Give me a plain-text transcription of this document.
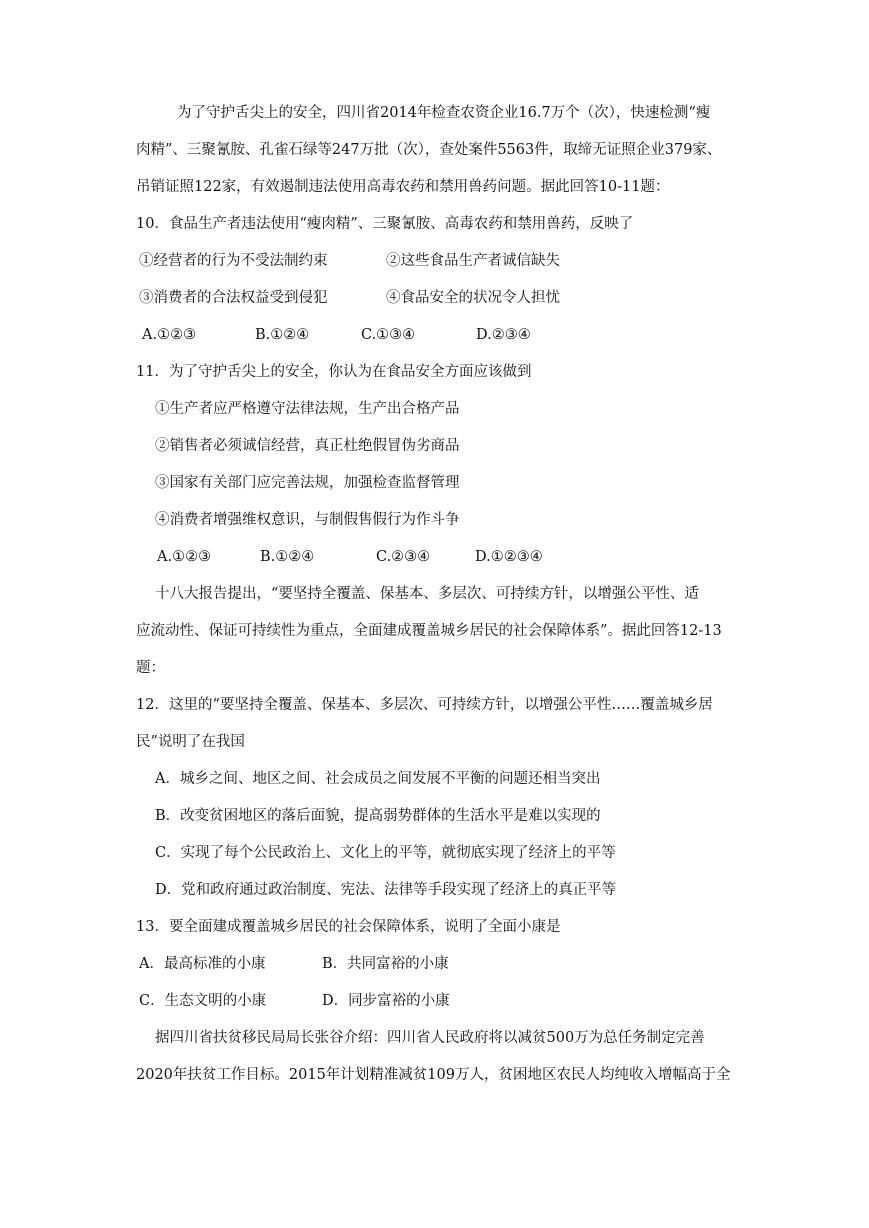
为了守护舌尖上的安全，四川省2014年检查农资企业16.7万个（次），快速检测“瘦
肉精”、三聚氰胺、孔雀石绿等247万批（次），查处案件5563件，取缔无证照企业379家、
吊销证照122家，有效遏制违法使用高毒农药和禁用兽药问题。据此回答10-11题：
10．食品生产者违法使用“瘦肉精”、三聚氰胺、高毒农药和禁用兽药，反映了
①经营者的行为不受法制约束	②这些食品生产者诚信缺失
③消费者的合法权益受到侵犯	④食品安全的状况令人担忧
A.①②③	B.①②④	C.①③④	D.②③④
11．为了守护舌尖上的安全，你认为在食品安全方面应该做到
①生产者应严格遵守法律法规，生产出合格产品
②销售者必须诚信经营，真正杜绝假冒伪劣商品
③国家有关部门应完善法规，加强检查监督管理
④消费者增强维权意识，与制假售假行为作斗争
A.①②③	B.①②④	C.②③④	D.①②③④
十八大报告提出，“要坚持全覆盖、保基本、多层次、可持续方针，以增强公平性、适
应流动性、保证可持续性为重点，全面建成覆盖城乡居民的社会保障体系”。据此回答12-13
题：
12．这里的“要坚持全覆盖、保基本、多层次、可持续方针，以增强公平性……覆盖城乡居
民”说明了在我国
A．城乡之间、地区之间、社会成员之间发展不平衡的问题还相当突出
B．改变贫困地区的落后面貌，提高弱势群体的生活水平是难以实现的
C．实现了每个公民政治上、文化上的平等，就彻底实现了经济上的平等
D．党和政府通过政治制度、宪法、法律等手段实现了经济上的真正平等
13．要全面建成覆盖城乡居民的社会保障体系，说明了全面小康是
A．最高标准的小康	B．共同富裕的小康
C．生态文明的小康	D．同步富裕的小康
据四川省扶贫移民局局长张谷介绍：四川省人民政府将以减贫500万为总任务制定完善
2020年扶贫工作目标。2015年计划精准减贫109万人，贫困地区农民人均纯收入增幅高于全
